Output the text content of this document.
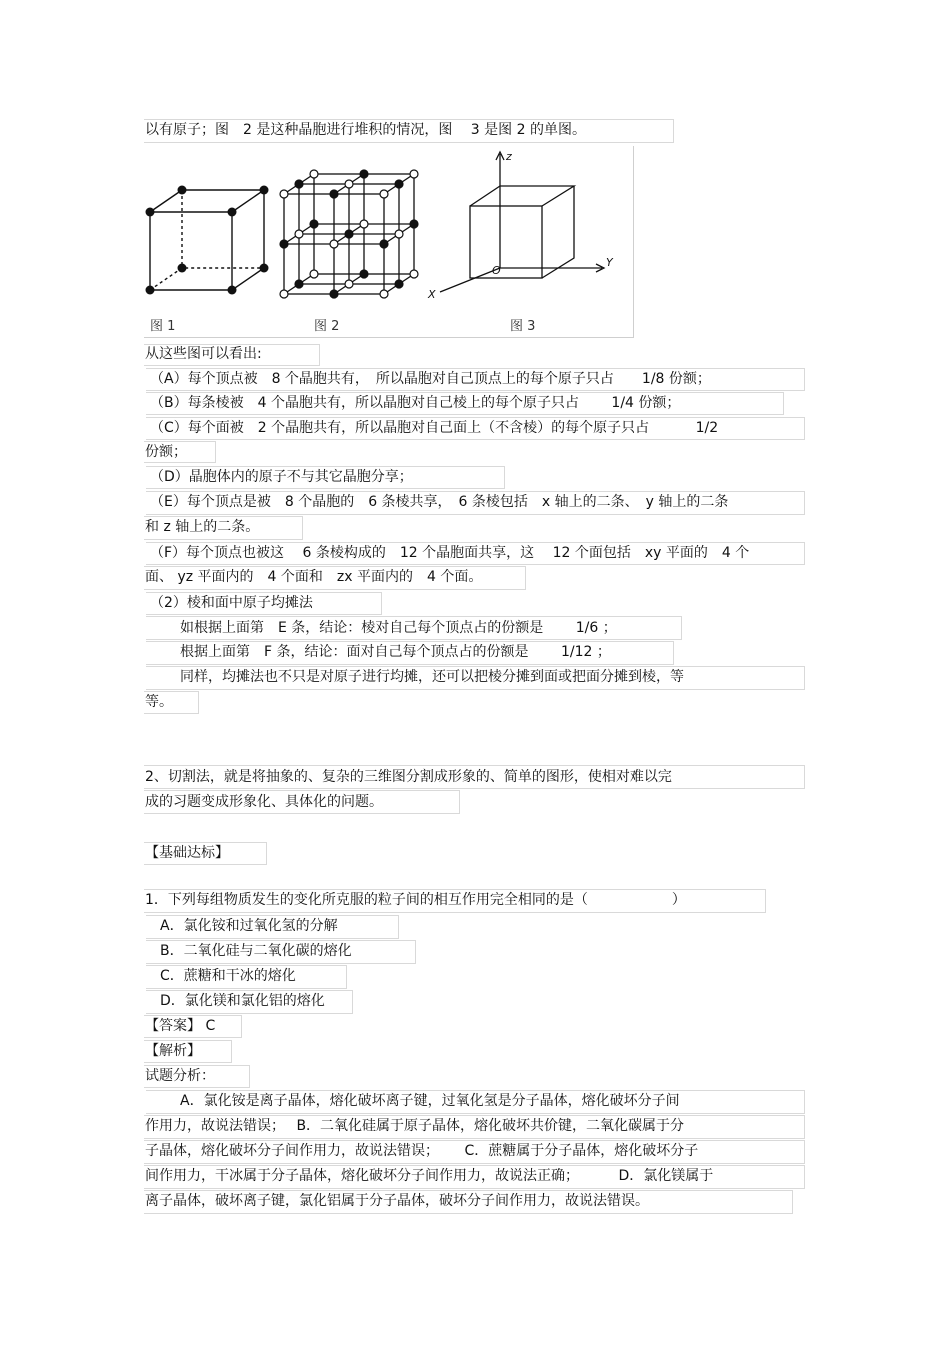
以有原子；图　2 是这种晶胞进行堆积的情况，图　 3 是图 2 的单图。
z
Y
X
O
图 1	图 2	图 3
从这些图可以看出:
（A）每个顶点被　8 个晶胞共有，　所以晶胞对自己顶点上的每个原子只占　　1/8 份额；
（B）每条棱被　4 个晶胞共有，所以晶胞对自己棱上的每个原子只占　　 1/4 份额；
（C）每个面被　2 个晶胞共有，所以晶胞对自己面上（不含棱）的每个原子只占　　　 1/2
份额；
（D）晶胞体内的原子不与其它晶胞分享；
（E）每个顶点是被　8 个晶胞的　6 条棱共享，　6 条棱包括　x 轴上的二条、　y 轴上的二条
和 z 轴上的二条。
（F）每个顶点也被这　 6 条棱构成的　12 个晶胞面共享，这　 12 个面包括　xy 平面的　4 个
面、 yz 平面内的　4 个面和　zx 平面内的　4 个面。
（2）棱和面中原子均摊法
如根据上面第　E 条，结论：棱对自己每个顶点占的份额是　　 1/6 ；
根据上面第　F 条，结论：面对自己每个顶点占的份额是　　 1/12 ；
同样，均摊法也不只是对原子进行均摊，还可以把棱分摊到面或把面分摊到棱，等
等。
2、切割法，就是将抽象的、复杂的三维图分割成形象的、简单的图形，使相对难以完
成的习题变成形象化、具体化的问题。
【基础达标】
1．下列每组物质发生的变化所克服的粒子间的相互作用完全相同的是（　　　　　　）
A．氯化铵和过氧化氢的分解
B．二氧化硅与二氧化碳的熔化
C．蔗糖和干冰的熔化
D．氯化镁和氯化铝的熔化
【答案】 C
【解析】
试题分析：
A．氯化铵是离子晶体，熔化破坏离子键，过氧化氢是分子晶体，熔化破坏分子间
作用力，故说法错误；　 B．二氧化硅属于原子晶体，熔化破坏共价键，二氧化碳属于分
子晶体，熔化破坏分子间作用力，故说法错误；　　 C．蔗糖属于分子晶体，熔化破坏分子
间作用力，干冰属于分子晶体，熔化破坏分子间作用力，故说法正确；　　　 D．氯化镁属于
离子晶体，破坏离子键，氯化铝属于分子晶体，破坏分子间作用力，故说法错误。
